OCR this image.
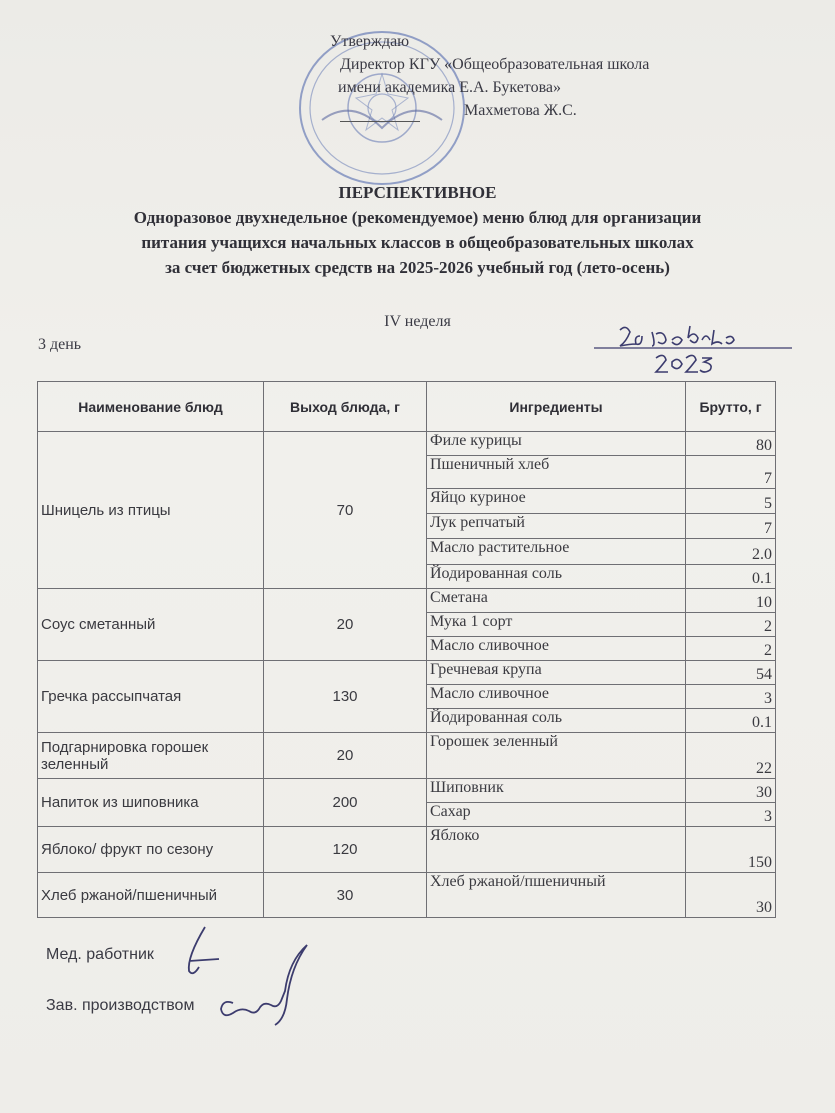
Утверждаю
Директор КГУ «Общеобразовательная школа
имени академика Е.А. Букетова»
Махметова Ж.С.
ПЕРСПЕКТИВНОЕ
Одноразовое двухнедельное (рекомендуемое) меню блюд для организации
питания учащихся начальных классов в общеобразовательных школах
за счет бюджетных средств на 2025-2026 учебный год (лето-осень)
IV неделя
3 день
Наименование блюд	Выход блюда, г	Ингредиенты	Брутто, г
Шницель из птицы	70	Филе курицы	80
		Пшеничный хлеб	7
		Яйцо куриное	5
		Лук репчатый	7
		Масло растительное	2.0
		Йодированная соль	0.1
Соус сметанный	20	Сметана	10
		Мука 1 сорт	2
		Масло сливочное	2
Гречка рассыпчатая	130	Гречневая крупа	54
		Масло сливочное	3
		Йодированная соль	0.1
Подгарнировка горошек зеленный	20	Горошек зеленный	22
Напиток из шиповника	200	Шиповник	30
		Сахар	3
Яблоко/ фрукт по сезону	120	Яблоко	150
Хлеб ржаной/пшеничный	30	Хлеб ржаной/пшеничный	30
Мед. работник
Зав. производством
